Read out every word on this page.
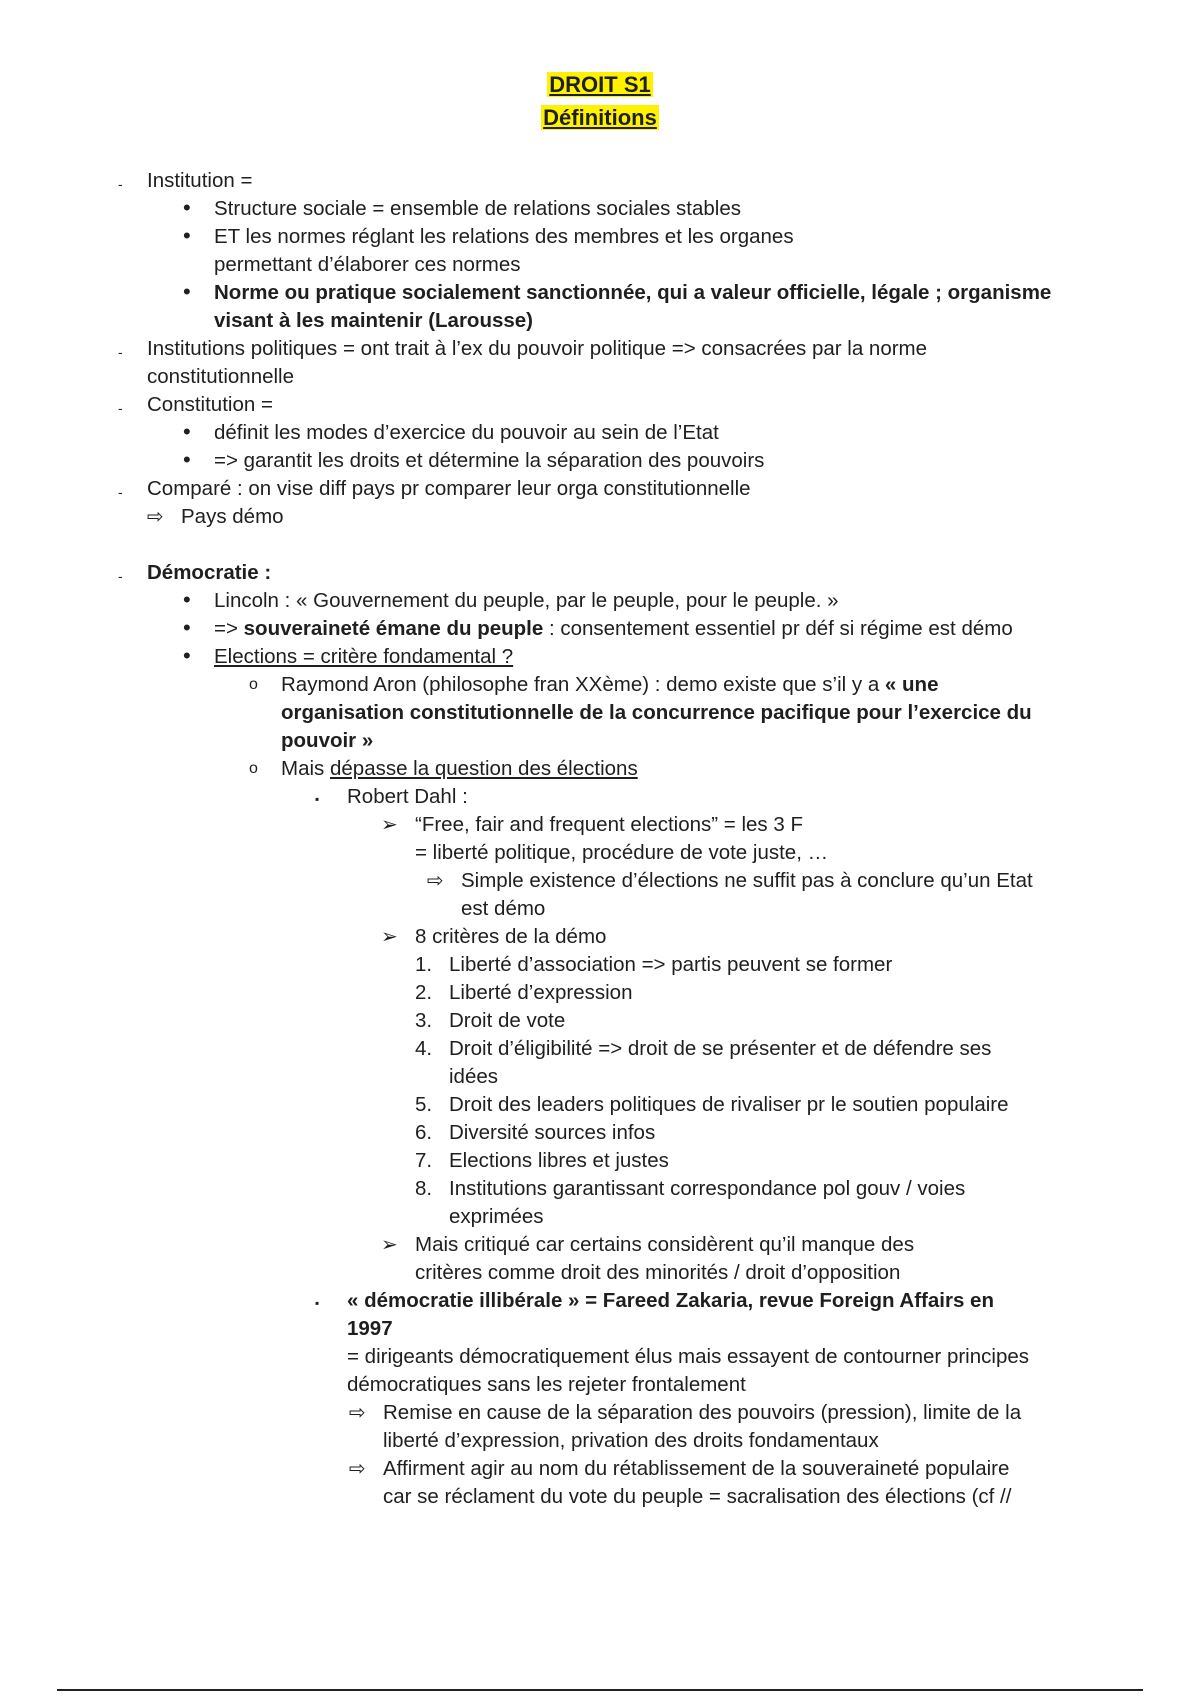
DROIT S1
Définitions
- Institution =
• Structure sociale = ensemble de relations sociales stables
• ET les normes réglant les relations des membres et les organes
permettant d’élaborer ces normes
• Norme ou pratique socialement sanctionnée, qui a valeur officielle, légale ; organisme
visant à les maintenir (Larousse)
- Institutions politiques = ont trait à l’ex du pouvoir politique => consacrées par la norme
constitutionnelle
- Constitution =
• définit les modes d’exercice du pouvoir au sein de l’Etat
• => garantit les droits et détermine la séparation des pouvoirs
- Comparé : on vise diff pays pr comparer leur orga constitutionnelle
⇨ Pays démo
- Démocratie :
• Lincoln : « Gouvernement du peuple, par le peuple, pour le peuple. »
• => souveraineté émane du peuple : consentement essentiel pr déf si régime est démo
• Elections = critère fondamental ?
o Raymond Aron (philosophe fran XXème) : demo existe que s’il y a « une
organisation constitutionnelle de la concurrence pacifique pour l’exercice du
pouvoir »
o Mais dépasse la question des élections
▪ Robert Dahl :
➢ “Free, fair and frequent elections” = les 3 F
= liberté politique, procédure de vote juste, …
⇨ Simple existence d’élections ne suffit pas à conclure qu’un Etat
est démo
➢ 8 critères de la démo
1. Liberté d’association => partis peuvent se former
2. Liberté d’expression
3. Droit de vote
4. Droit d’éligibilité => droit de se présenter et de défendre ses
idées
5. Droit des leaders politiques de rivaliser pr le soutien populaire
6. Diversité sources infos
7. Elections libres et justes
8. Institutions garantissant correspondance pol gouv / voies
exprimées
➢ Mais critiqué car certains considèrent qu’il manque des
critères comme droit des minorités / droit d’opposition
▪ « démocratie illibérale » = Fareed Zakaria, revue Foreign Affairs en
1997
= dirigeants démocratiquement élus mais essayent de contourner principes
démocratiques sans les rejeter frontalement
⇨ Remise en cause de la séparation des pouvoirs (pression), limite de la
liberté d’expression, privation des droits fondamentaux
⇨ Affirment agir au nom du rétablissement de la souveraineté populaire
car se réclament du vote du peuple = sacralisation des élections (cf //
